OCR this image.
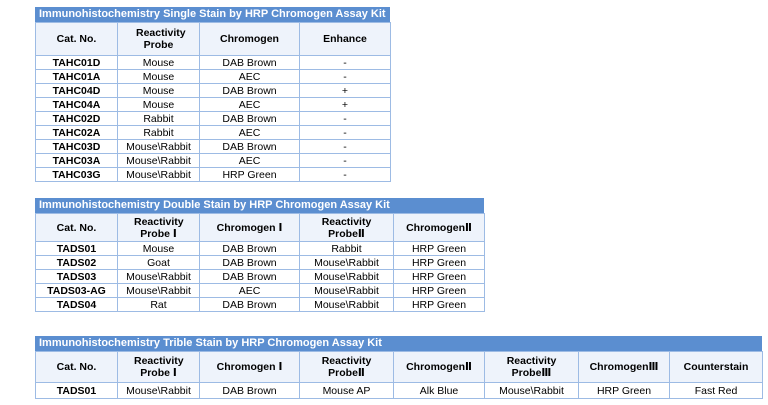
Immunohistochemistry Single Stain by HRP Chromogen Assay Kit
Cat. No.	Reactivity Probe	Chromogen	Enhance
TAHC01D	Mouse	DAB Brown	-
TAHC01A	Mouse	AEC	-
TAHC04D	Mouse	DAB Brown	+
TAHC04A	Mouse	AEC	+
TAHC02D	Rabbit	DAB Brown	-
TAHC02A	Rabbit	AEC	-
TAHC03D	Mouse\Rabbit	DAB Brown	-
TAHC03A	Mouse\Rabbit	AEC	-
TAHC03G	Mouse\Rabbit	HRP Green	-
Immunohistochemistry Double Stain by HRP Chromogen Assay Kit
Cat. No.	Reactivity Probe Ⅰ	Chromogen Ⅰ	Reactivity ProbeⅡ	ChromogenⅡ
TADS01	Mouse	DAB Brown	Rabbit	HRP Green
TADS02	Goat	DAB Brown	Mouse\Rabbit	HRP Green
TADS03	Mouse\Rabbit	DAB Brown	Mouse\Rabbit	HRP Green
TADS03-AG	Mouse\Rabbit	AEC	Mouse\Rabbit	HRP Green
TADS04	Rat	DAB Brown	Mouse\Rabbit	HRP Green
Immunohistochemistry Trible Stain by HRP Chromogen Assay Kit
Cat. No.	Reactivity Probe Ⅰ	Chromogen Ⅰ	Reactivity ProbeⅡ	ChromogenⅡ	Reactivity ProbeⅢ	ChromogenⅢ	Counterstain
TADS01	Mouse\Rabbit	DAB Brown	Mouse AP	Alk Blue	Mouse\Rabbit	HRP Green	Fast Red
